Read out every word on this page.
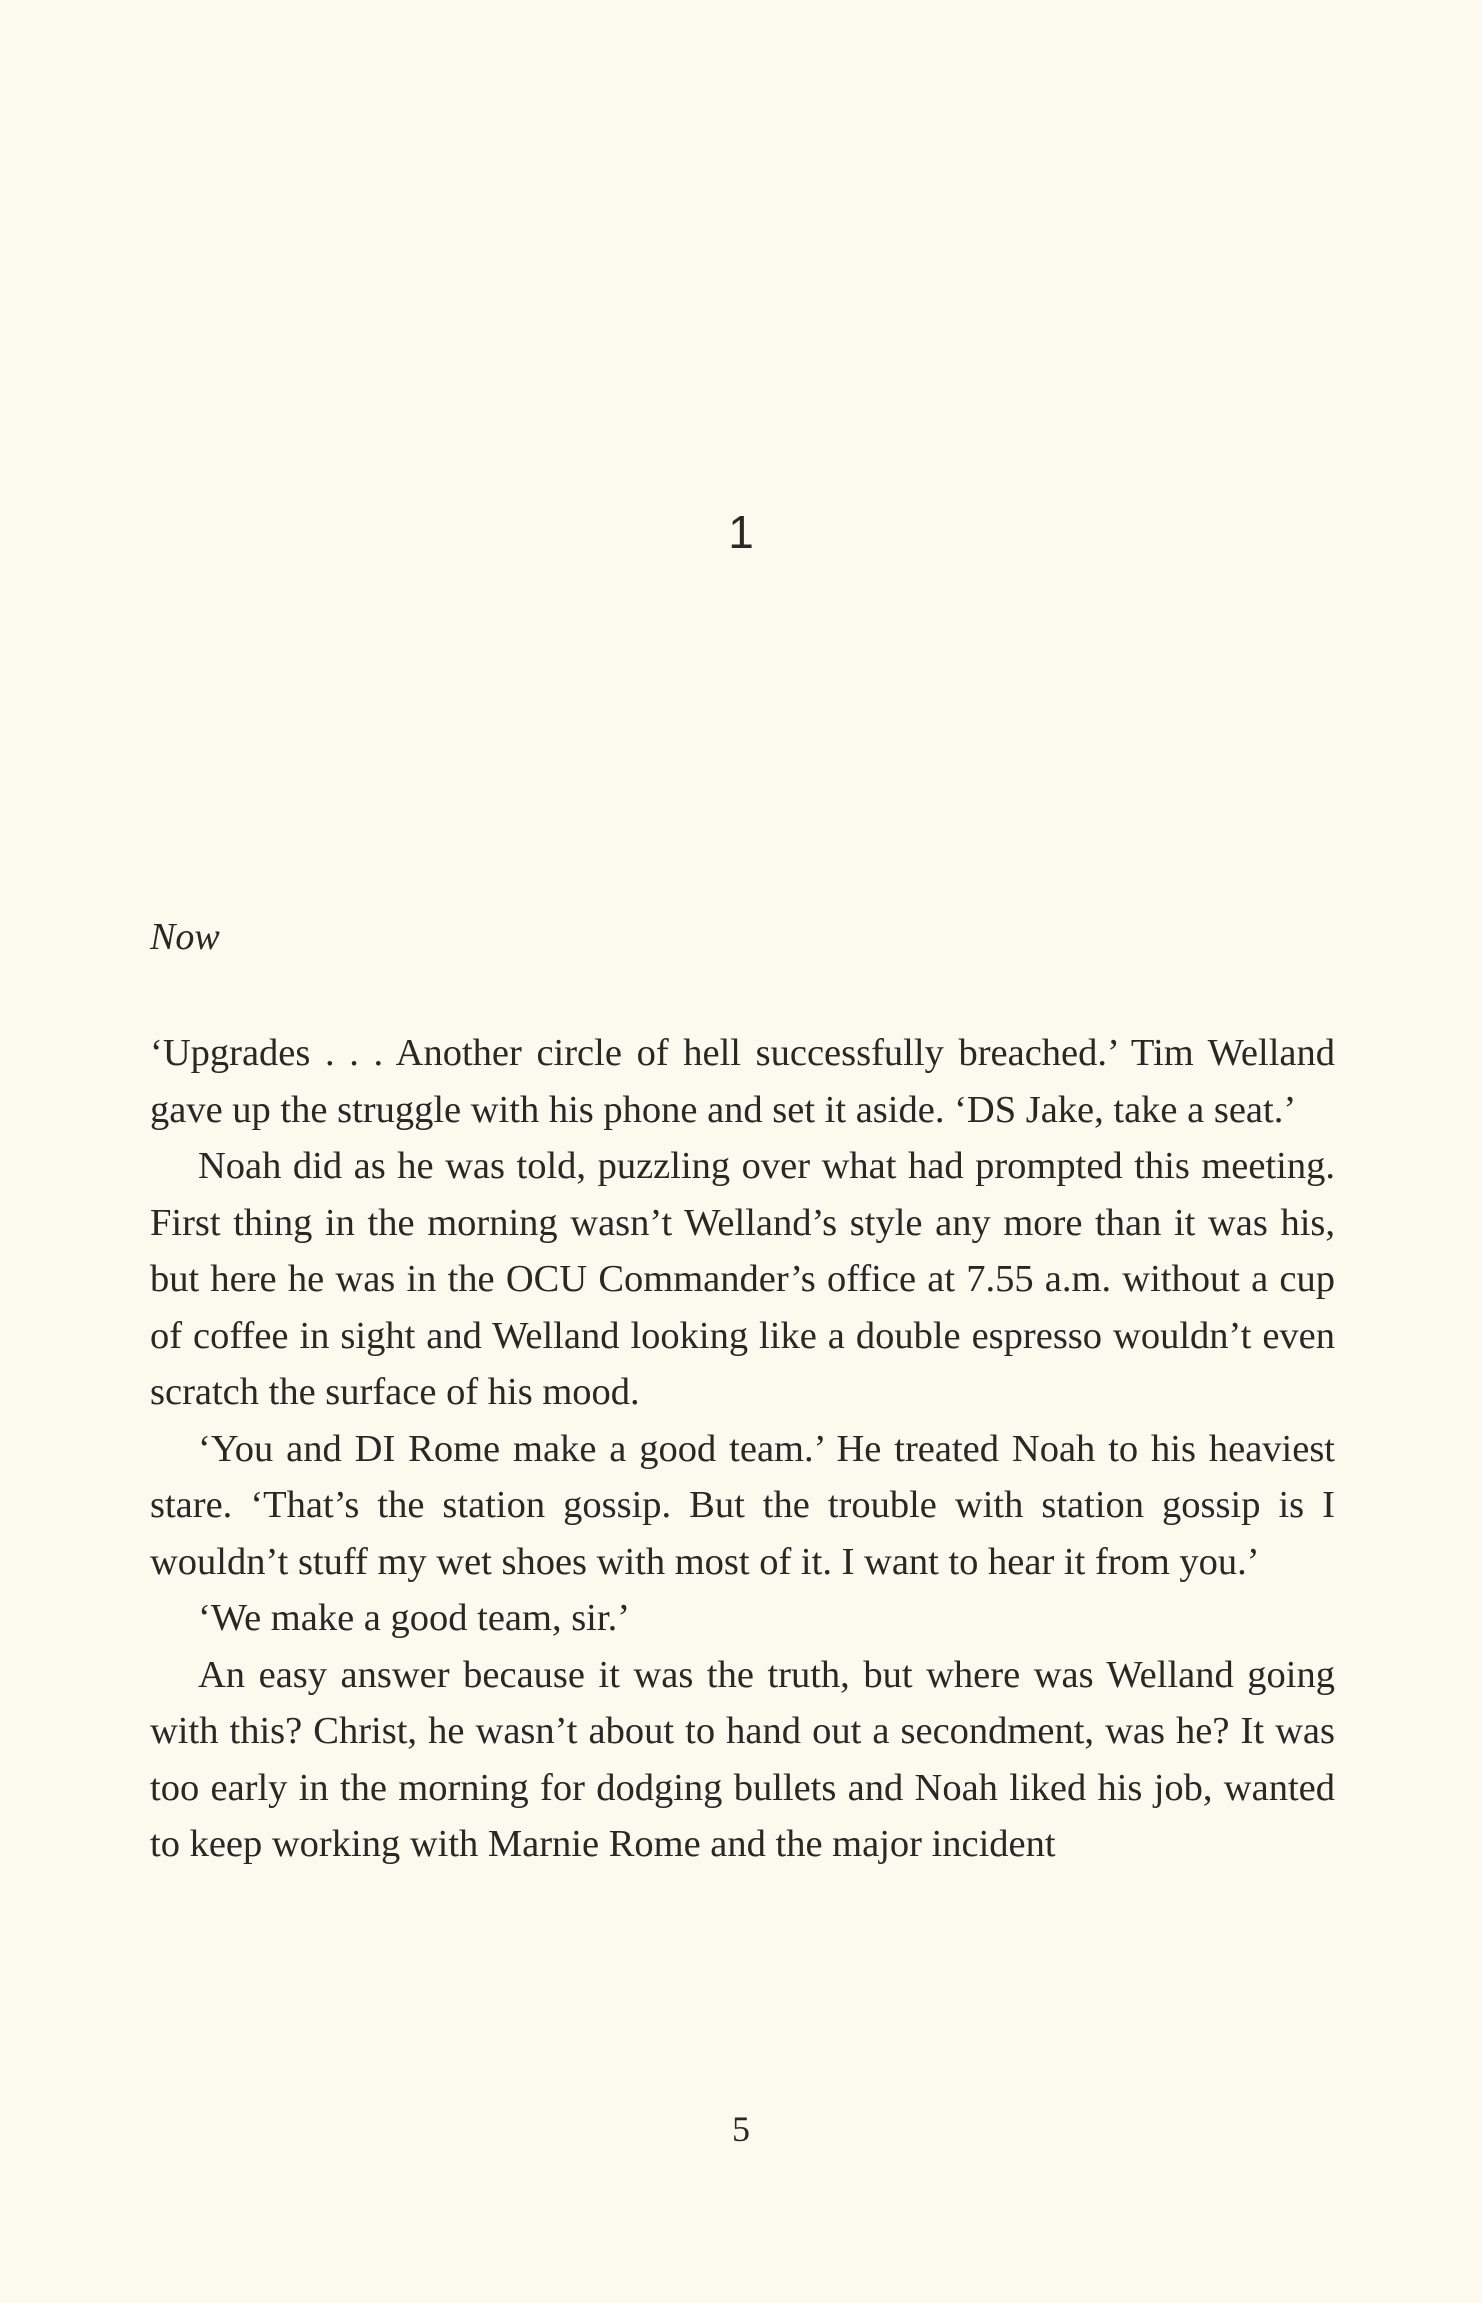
1
Now

‘Upgrades . . . Another circle of hell successfully breached.’ Tim Welland gave up the struggle with his phone and set it aside. ‘DS Jake, take a seat.’

Noah did as he was told, puzzling over what had prompted this meeting. First thing in the morning wasn’t Welland’s style any more than it was his, but here he was in the OCU Commander’s office at 7.55 a.m. without a cup of coffee in sight and Welland looking like a double espresso wouldn’t even scratch the surface of his mood.

‘You and DI Rome make a good team.’ He treated Noah to his heaviest stare. ‘That’s the station gossip. But the trouble with station gossip is I wouldn’t stuff my wet shoes with most of it. I want to hear it from you.’

‘We make a good team, sir.’

An easy answer because it was the truth, but where was Welland going with this? Christ, he wasn’t about to hand out a secondment, was he? It was too early in the morning for dodging bullets and Noah liked his job, wanted to keep working with Marnie Rome and the major incident

5
